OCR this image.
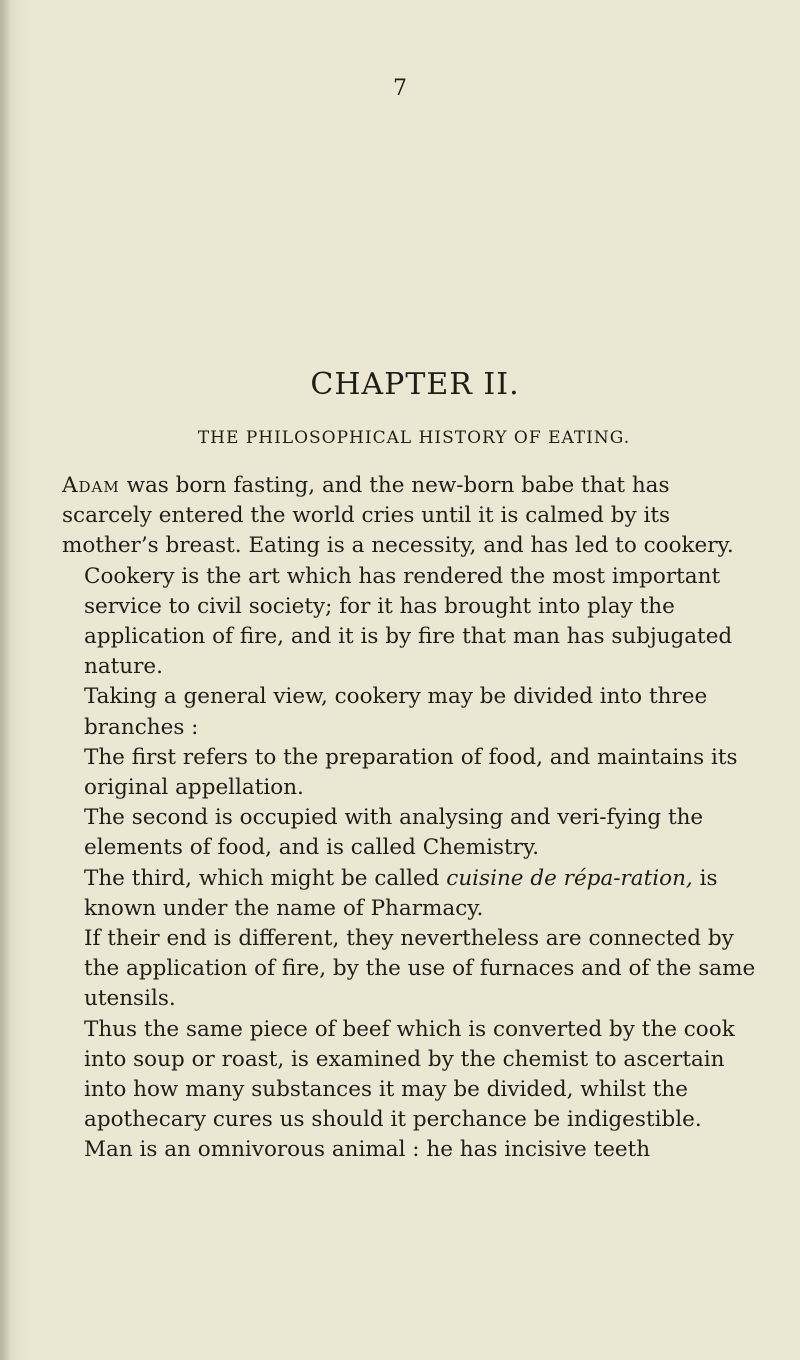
7
CHAPTER II.
THE PHILOSOPHICAL HISTORY OF EATING.

Adam was born fasting, and the new-born babe that has scarcely entered the world cries until it is calmed by its mother’s breast. Eating is a necessity, and has led to cookery.

Cookery is the art which has rendered the most important service to civil society; for it has brought into play the application of fire, and it is by fire that man has subjugated nature.

Taking a general view, cookery may be divided into three branches :

The first refers to the preparation of food, and maintains its original appellation.

The second is occupied with analysing and veri-fying the elements of food, and is called Chemistry.

The third, which might be called cuisine de répa-ration, is known under the name of Pharmacy.

If their end is different, they nevertheless are connected by the application of fire, by the use of furnaces and of the same utensils.

Thus the same piece of beef which is converted by the cook into soup or roast, is examined by the chemist to ascertain into how many substances it may be divided, whilst the apothecary cures us should it perchance be indigestible.

Man is an omnivorous animal : he has incisive teeth
